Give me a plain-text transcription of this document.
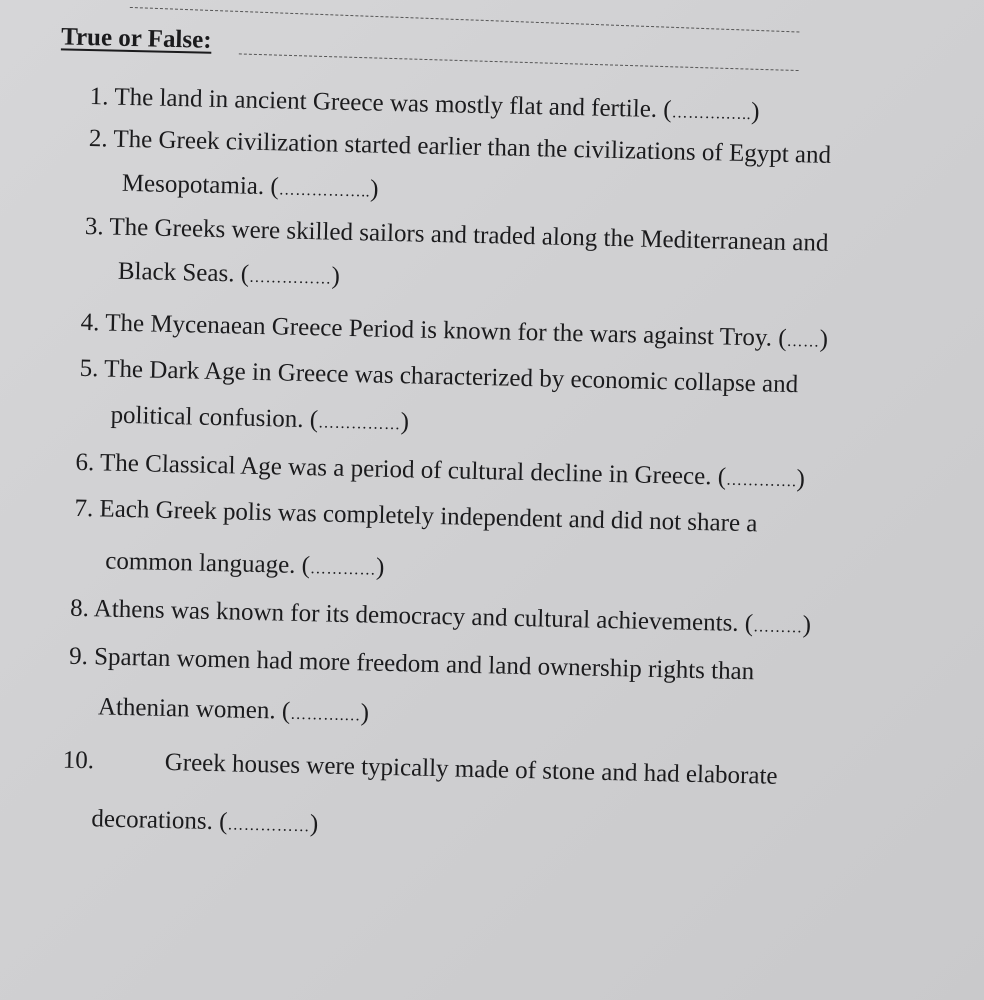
True or False:
1. The land in ancient Greece was mostly flat and fertile. (……….…..)
2. The Greek civilization started earlier than the civilizations of Egypt and
Mesopotamia. (……………..)
3. The Greeks were skilled sailors and traded along the Mediterranean and
Black Seas. (……………)
4. The Mycenaean Greece Period is known for the wars against Troy. (……)
5. The Dark Age in Greece was characterized by economic collapse and
political confusion. (……………)
6. The Classical Age was a period of cultural decline in Greece. (………….)
7. Each Greek polis was completely independent and did not share a
common language. (…………)
8. Athens was known for its democracy and cultural achievements. (………)
9. Spartan women had more freedom and land ownership rights than
Athenian women. (……….…)
10.	Greek houses were typically made of stone and had elaborate
decorations. (……………)
